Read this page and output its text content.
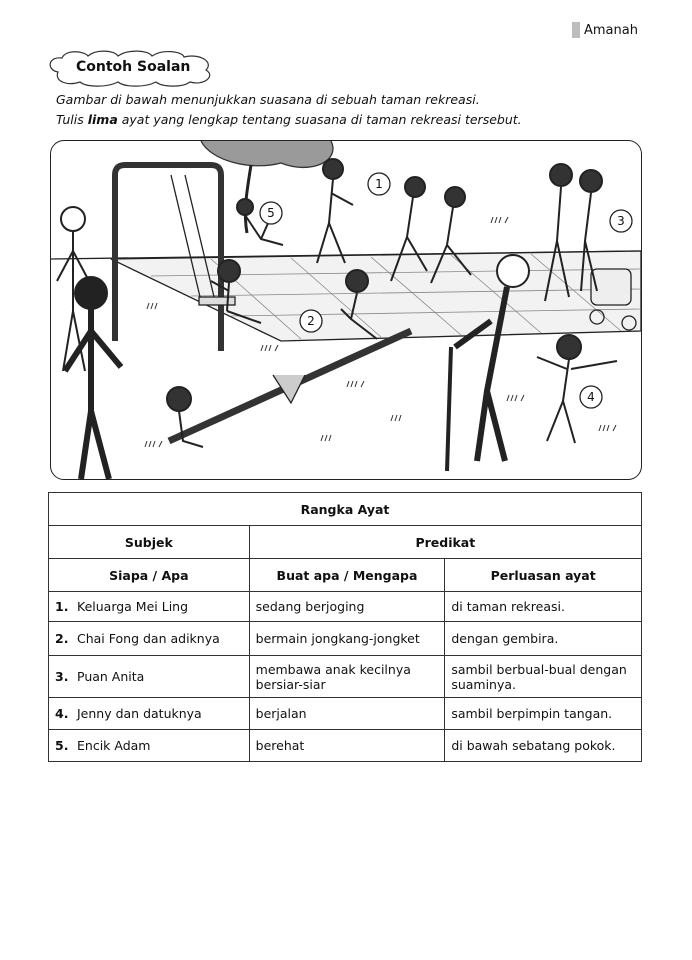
Amanah
Contoh Soalan
Gambar di bawah menunjukkan suasana di sebuah taman rekreasi.
Tulis lima ayat yang lengkap tentang suasana di taman rekreasi tersebut.
1
2
3
4
5
Rangka Ayat		
Subjek	Predikat	
Siapa / Apa	Buat apa / Mengapa	Perluasan ayat
1. Keluarga Mei Ling	sedang berjoging	di taman rekreasi.
2. Chai Fong dan adiknya	bermain jongkang-jongket	dengan gembira.
3. Puan Anita	membawa anak kecilnya bersiar-siar	sambil berbual-bual dengan suaminya.
4. Jenny dan datuknya	berjalan	sambil berpimpin tangan.
5. Encik Adam	berehat	di bawah sebatang pokok.
